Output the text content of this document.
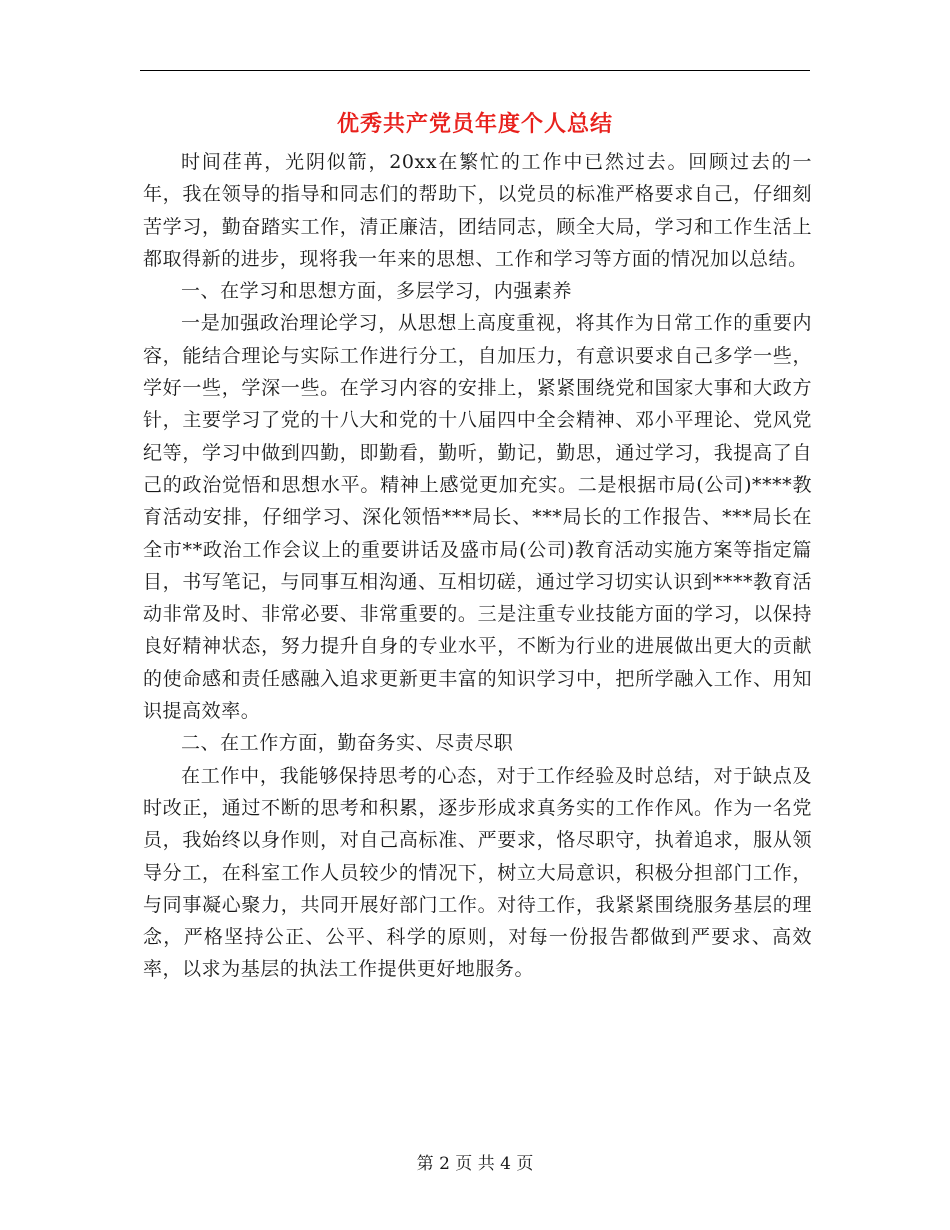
优秀共产党员年度个人总结

时间荏苒，光阴似箭，20xx在繁忙的工作中已然过去。回顾过去的一年，我在领导的指导和同志们的帮助下，以党员的标准严格要求自己，仔细刻苦学习，勤奋踏实工作，清正廉洁，团结同志，顾全大局，学习和工作生活上都取得新的进步，现将我一年来的思想、工作和学习等方面的情况加以总结。

一、在学习和思想方面，多层学习，内强素养

一是加强政治理论学习，从思想上高度重视，将其作为日常工作的重要内容，能结合理论与实际工作进行分工，自加压力，有意识要求自己多学一些，学好一些，学深一些。在学习内容的安排上，紧紧围绕党和国家大事和大政方针，主要学习了党的十八大和党的十八届四中全会精神、邓小平理论、党风党纪等，学习中做到四勤，即勤看，勤听，勤记，勤思，通过学习，我提高了自己的政治觉悟和思想水平。精神上感觉更加充实。二是根据市局(公司)****教育活动安排，仔细学习、深化领悟***局长、***局长的工作报告、***局长在全市**政治工作会议上的重要讲话及盛市局(公司)教育活动实施方案等指定篇目，书写笔记，与同事互相沟通、互相切磋，通过学习切实认识到****教育活动非常及时、非常必要、非常重要的。三是注重专业技能方面的学习，以保持良好精神状态，努力提升自身的专业水平，不断为行业的进展做出更大的贡献的使命感和责任感融入追求更新更丰富的知识学习中，把所学融入工作、用知识提高效率。

二、在工作方面，勤奋务实、尽责尽职

在工作中，我能够保持思考的心态，对于工作经验及时总结，对于缺点及时改正，通过不断的思考和积累，逐步形成求真务实的工作作风。作为一名党员，我始终以身作则，对自己高标准、严要求，恪尽职守，执着追求，服从领导分工，在科室工作人员较少的情况下，树立大局意识，积极分担部门工作，与同事凝心聚力，共同开展好部门工作。对待工作，我紧紧围绕服务基层的理念，严格坚持公正、公平、科学的原则，对每一份报告都做到严要求、高效率，以求为基层的执法工作提供更好地服务。

第 2 页 共 4 页
